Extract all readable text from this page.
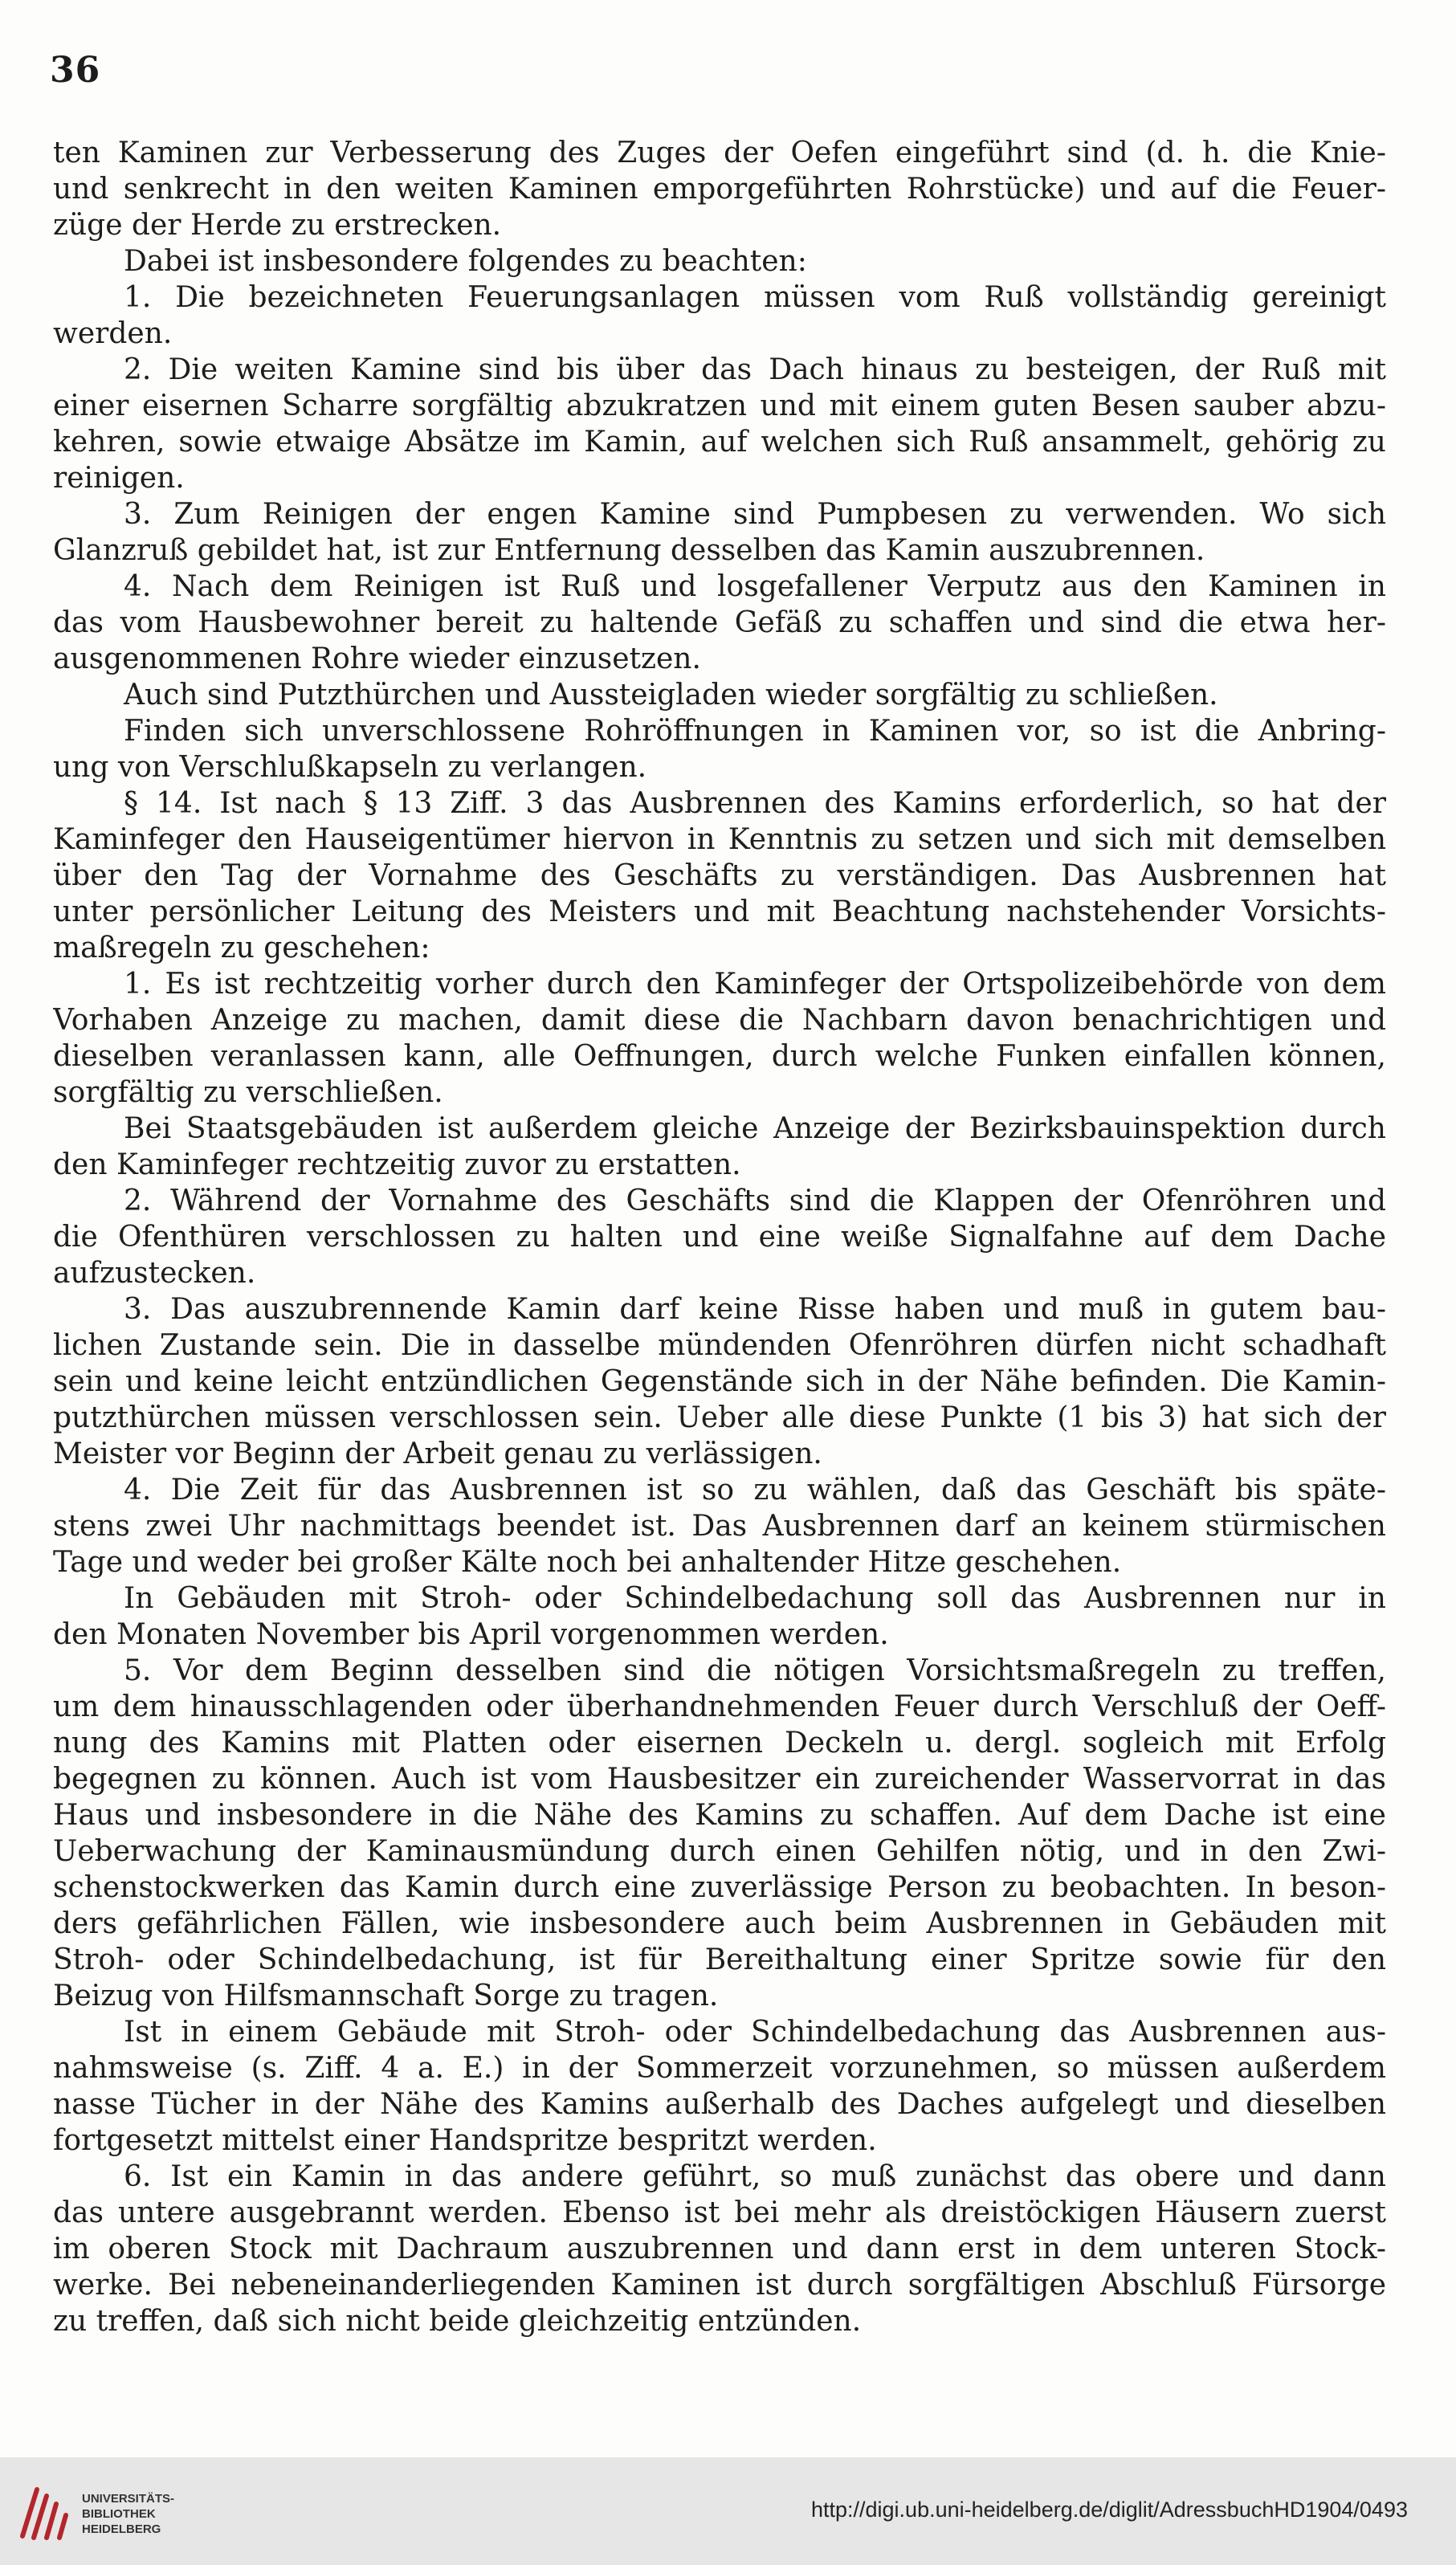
36
ten Kaminen zur Verbesserung des Zuges der Oefen eingeführt sind (d. h. die Knie-
und senkrecht in den weiten Kaminen emporgeführten Rohrstücke) und auf die Feuer-
züge der Herde zu erstrecken.
Dabei ist insbesondere folgendes zu beachten:
1. Die bezeichneten Feuerungsanlagen müssen vom Ruß vollständig gereinigt
werden.
2. Die weiten Kamine sind bis über das Dach hinaus zu besteigen, der Ruß mit
einer eisernen Scharre sorgfältig abzukratzen und mit einem guten Besen sauber abzu-
kehren, sowie etwaige Absätze im Kamin, auf welchen sich Ruß ansammelt, gehörig zu
reinigen.
3. Zum Reinigen der engen Kamine sind Pumpbesen zu verwenden. Wo sich
Glanzruß gebildet hat, ist zur Entfernung desselben das Kamin auszubrennen.
4. Nach dem Reinigen ist Ruß und losgefallener Verputz aus den Kaminen in
das vom Hausbewohner bereit zu haltende Gefäß zu schaffen und sind die etwa her-
ausgenommenen Rohre wieder einzusetzen.
Auch sind Putzthürchen und Aussteigladen wieder sorgfältig zu schließen.
Finden sich unverschlossene Rohröffnungen in Kaminen vor, so ist die Anbring-
ung von Verschlußkapseln zu verlangen.
§ 14. Ist nach § 13 Ziff. 3 das Ausbrennen des Kamins erforderlich, so hat der
Kaminfeger den Hauseigentümer hiervon in Kenntnis zu setzen und sich mit demselben
über den Tag der Vornahme des Geschäfts zu verständigen. Das Ausbrennen hat
unter persönlicher Leitung des Meisters und mit Beachtung nachstehender Vorsichts-
maßregeln zu geschehen:
1. Es ist rechtzeitig vorher durch den Kaminfeger der Ortspolizeibehörde von dem
Vorhaben Anzeige zu machen, damit diese die Nachbarn davon benachrichtigen und
dieselben veranlassen kann, alle Oeffnungen, durch welche Funken einfallen können,
sorgfältig zu verschließen.
Bei Staatsgebäuden ist außerdem gleiche Anzeige der Bezirksbauinspektion durch
den Kaminfeger rechtzeitig zuvor zu erstatten.
2. Während der Vornahme des Geschäfts sind die Klappen der Ofenröhren und
die Ofenthüren verschlossen zu halten und eine weiße Signalfahne auf dem Dache
aufzustecken.
3. Das auszubrennende Kamin darf keine Risse haben und muß in gutem bau-
lichen Zustande sein. Die in dasselbe mündenden Ofenröhren dürfen nicht schadhaft
sein und keine leicht entzündlichen Gegenstände sich in der Nähe befinden. Die Kamin-
putzthürchen müssen verschlossen sein. Ueber alle diese Punkte (1 bis 3) hat sich der
Meister vor Beginn der Arbeit genau zu verlässigen.
4. Die Zeit für das Ausbrennen ist so zu wählen, daß das Geschäft bis späte-
stens zwei Uhr nachmittags beendet ist. Das Ausbrennen darf an keinem stürmischen
Tage und weder bei großer Kälte noch bei anhaltender Hitze geschehen.
In Gebäuden mit Stroh- oder Schindelbedachung soll das Ausbrennen nur in
den Monaten November bis April vorgenommen werden.
5. Vor dem Beginn desselben sind die nötigen Vorsichtsmaßregeln zu treffen,
um dem hinausschlagenden oder überhandnehmenden Feuer durch Verschluß der Oeff-
nung des Kamins mit Platten oder eisernen Deckeln u. dergl. sogleich mit Erfolg
begegnen zu können. Auch ist vom Hausbesitzer ein zureichender Wasservorrat in das
Haus und insbesondere in die Nähe des Kamins zu schaffen. Auf dem Dache ist eine
Ueberwachung der Kaminausmündung durch einen Gehilfen nötig, und in den Zwi-
schenstockwerken das Kamin durch eine zuverlässige Person zu beobachten. In beson-
ders gefährlichen Fällen, wie insbesondere auch beim Ausbrennen in Gebäuden mit
Stroh- oder Schindelbedachung, ist für Bereithaltung einer Spritze sowie für den
Beizug von Hilfsmannschaft Sorge zu tragen.
Ist in einem Gebäude mit Stroh- oder Schindelbedachung das Ausbrennen aus-
nahmsweise (s. Ziff. 4 a. E.) in der Sommerzeit vorzunehmen, so müssen außerdem
nasse Tücher in der Nähe des Kamins außerhalb des Daches aufgelegt und dieselben
fortgesetzt mittelst einer Handspritze bespritzt werden.
6. Ist ein Kamin in das andere geführt, so muß zunächst das obere und dann
das untere ausgebrannt werden. Ebenso ist bei mehr als dreistöckigen Häusern zuerst
im oberen Stock mit Dachraum auszubrennen und dann erst in dem unteren Stock-
werke. Bei nebeneinanderliegenden Kaminen ist durch sorgfältigen Abschluß Fürsorge
zu treffen, daß sich nicht beide gleichzeitig entzünden.
UNIVERSITÄTS-
BIBLIOTHEK
HEIDELBERG
http://digi.ub.uni-heidelberg.de/diglit/AdressbuchHD1904/0493
